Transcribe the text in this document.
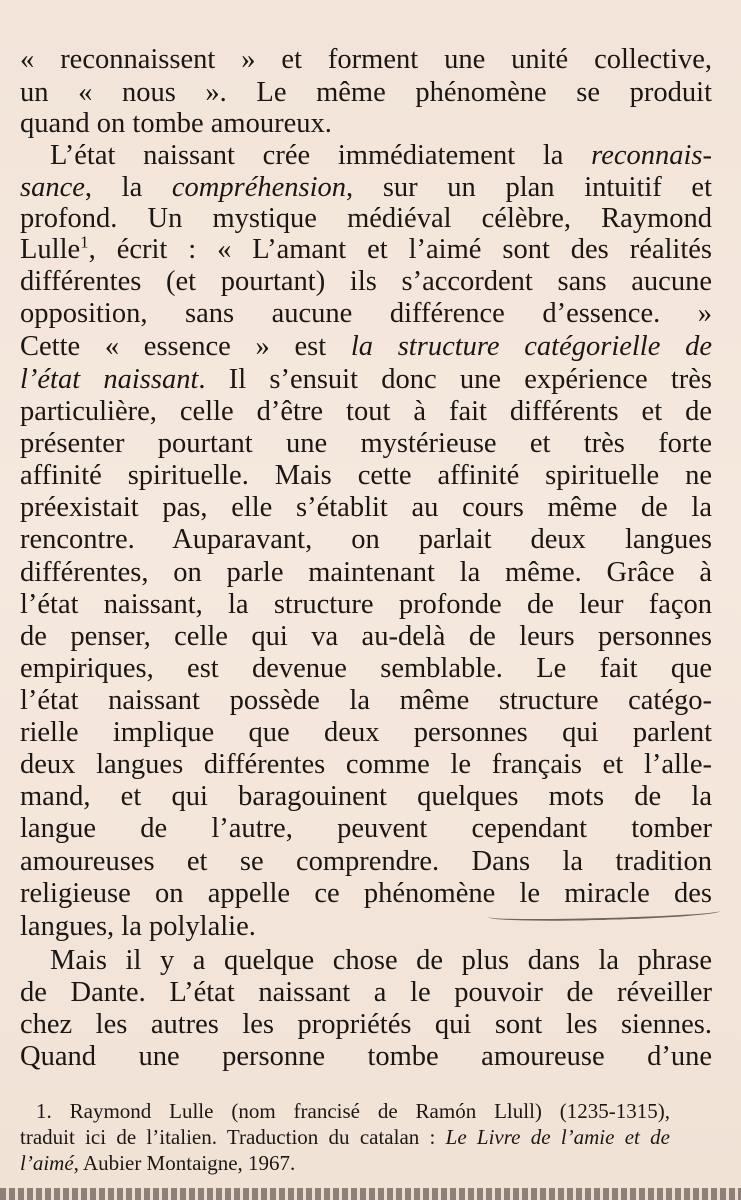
« reconnaissent » et forment une unité collective,
un « nous ». Le même phénomène se produit
quand on tombe amoureux.
L’état naissant crée immédiatement la reconnais-
sance, la compréhension, sur un plan intuitif et
profond. Un mystique médiéval célèbre, Raymond
Lulle$^1$, écrit : « L’amant et l’aimé sont des réalités
différentes (et pourtant) ils s’accordent sans aucune
opposition, sans aucune différence d’essence. »
Cette « essence » est la structure catégorielle de
l’état naissant. Il s’ensuit donc une expérience très
particulière, celle d’être tout à fait différents et de
présenter pourtant une mystérieuse et très forte
affinité spirituelle. Mais cette affinité spirituelle ne
préexistait pas, elle s’établit au cours même de la
rencontre. Auparavant, on parlait deux langues
différentes, on parle maintenant la même. Grâce à
l’état naissant, la structure profonde de leur façon
de penser, celle qui va au-delà de leurs personnes
empiriques, est devenue semblable. Le fait que
l’état naissant possède la même structure catégo-
rielle implique que deux personnes qui parlent
deux langues différentes comme le français et l’alle-
mand, et qui baragouinent quelques mots de la
langue de l’autre, peuvent cependant tomber
amoureuses et se comprendre. Dans la tradition
religieuse on appelle ce phénomène le miracle des
langues, la polylalie.
Mais il y a quelque chose de plus dans la phrase
de Dante. L’état naissant a le pouvoir de réveiller
chez les autres les propriétés qui sont les siennes.
Quand une personne tombe amoureuse d’une
1. Raymond Lulle (nom francisé de Ramón Llull) (1235-1315),
traduit ici de l’italien. Traduction du catalan : Le Livre de l’amie et de
l’aimé, Aubier Montaigne, 1967.
